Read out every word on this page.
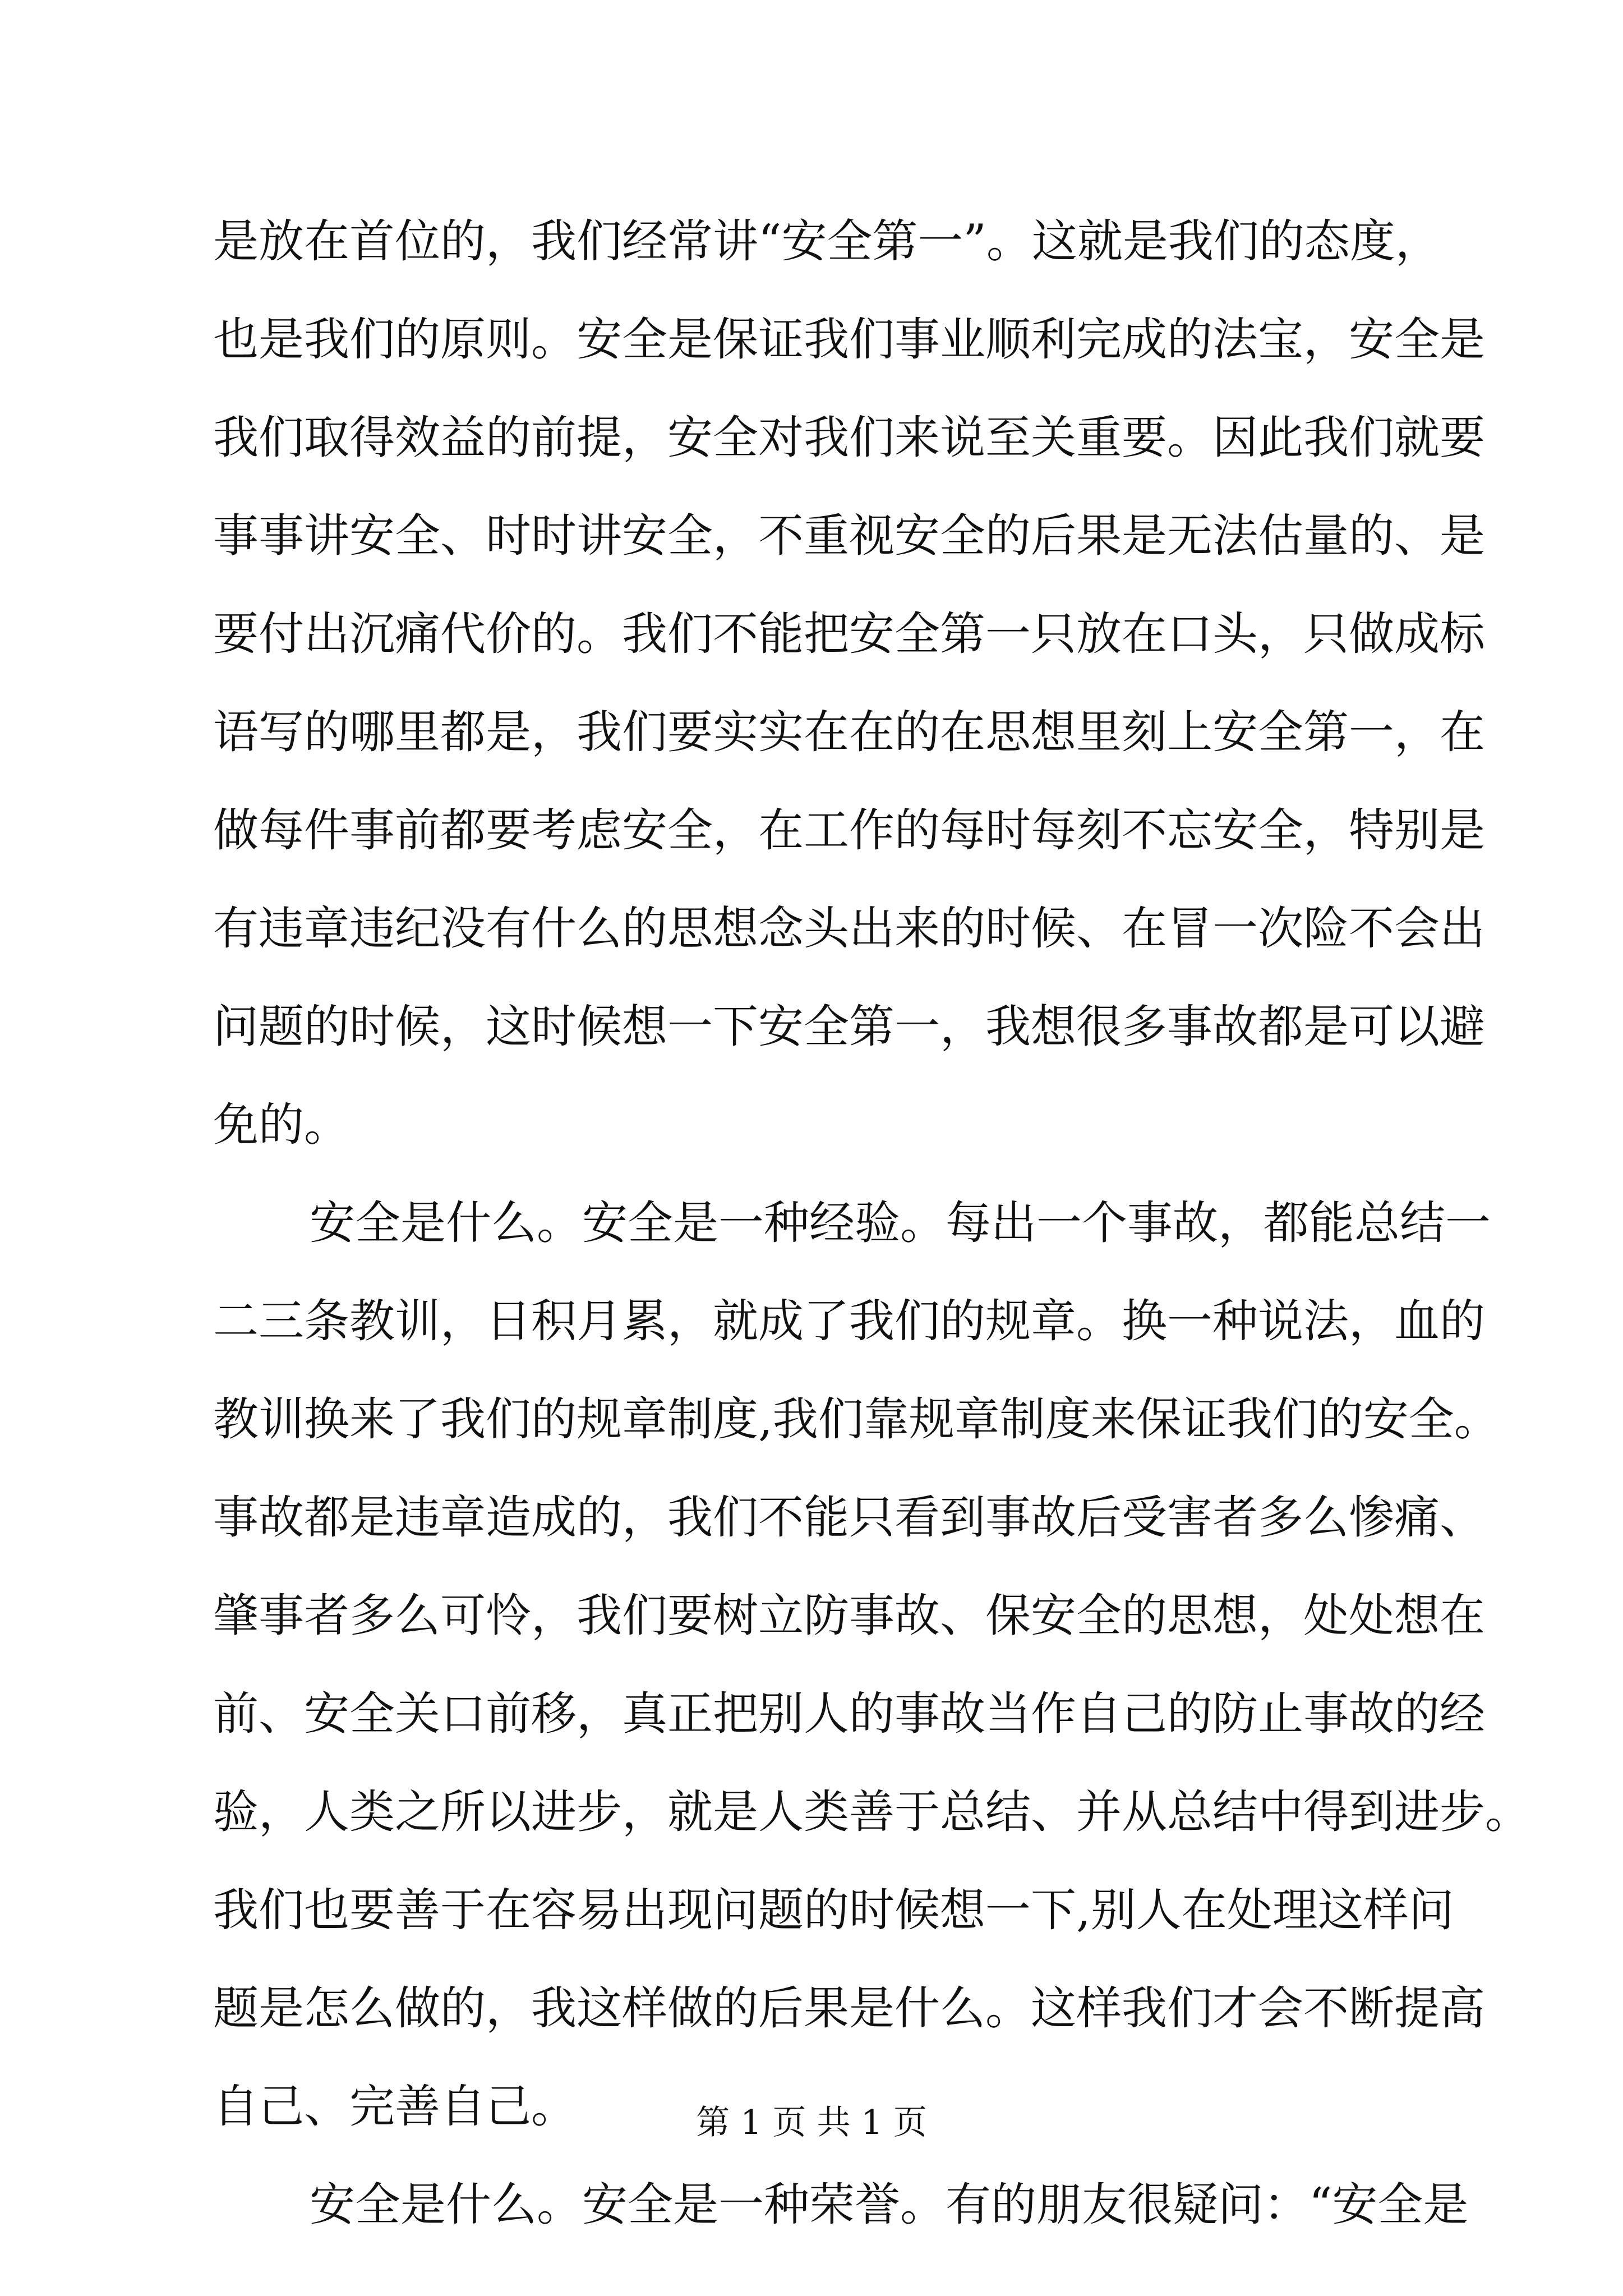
是放在首位的，我们经常讲“安全第一”。这就是我们的态度，
也是我们的原则。安全是保证我们事业顺利完成的法宝，安全是
我们取得效益的前提，安全对我们来说至关重要。因此我们就要
事事讲安全、时时讲安全，不重视安全的后果是无法估量的、是
要付出沉痛代价的。我们不能把安全第一只放在口头，只做成标
语写的哪里都是，我们要实实在在的在思想里刻上安全第一，在
做每件事前都要考虑安全，在工作的每时每刻不忘安全，特别是
有违章违纪没有什么的思想念头出来的时候、在冒一次险不会出
问题的时候，这时候想一下安全第一，我想很多事故都是可以避
免的。
安全是什么。安全是一种经验。每出一个事故，都能总结一
二三条教训，日积月累，就成了我们的规章。换一种说法，血的
教训换来了我们的规章制度,我们靠规章制度来保证我们的安全。
事故都是违章造成的，我们不能只看到事故后受害者多么惨痛、
肇事者多么可怜，我们要树立防事故、保安全的思想，处处想在
前、安全关口前移，真正把别人的事故当作自己的防止事故的经
验，人类之所以进步，就是人类善于总结、并从总结中得到进步。
我们也要善于在容易出现问题的时候想一下,别人在处理这样问
题是怎么做的，我这样做的后果是什么。这样我们才会不断提高
自己、完善自己。
安全是什么。安全是一种荣誉。有的朋友很疑问：“安全是
第 1 页 共 1 页
